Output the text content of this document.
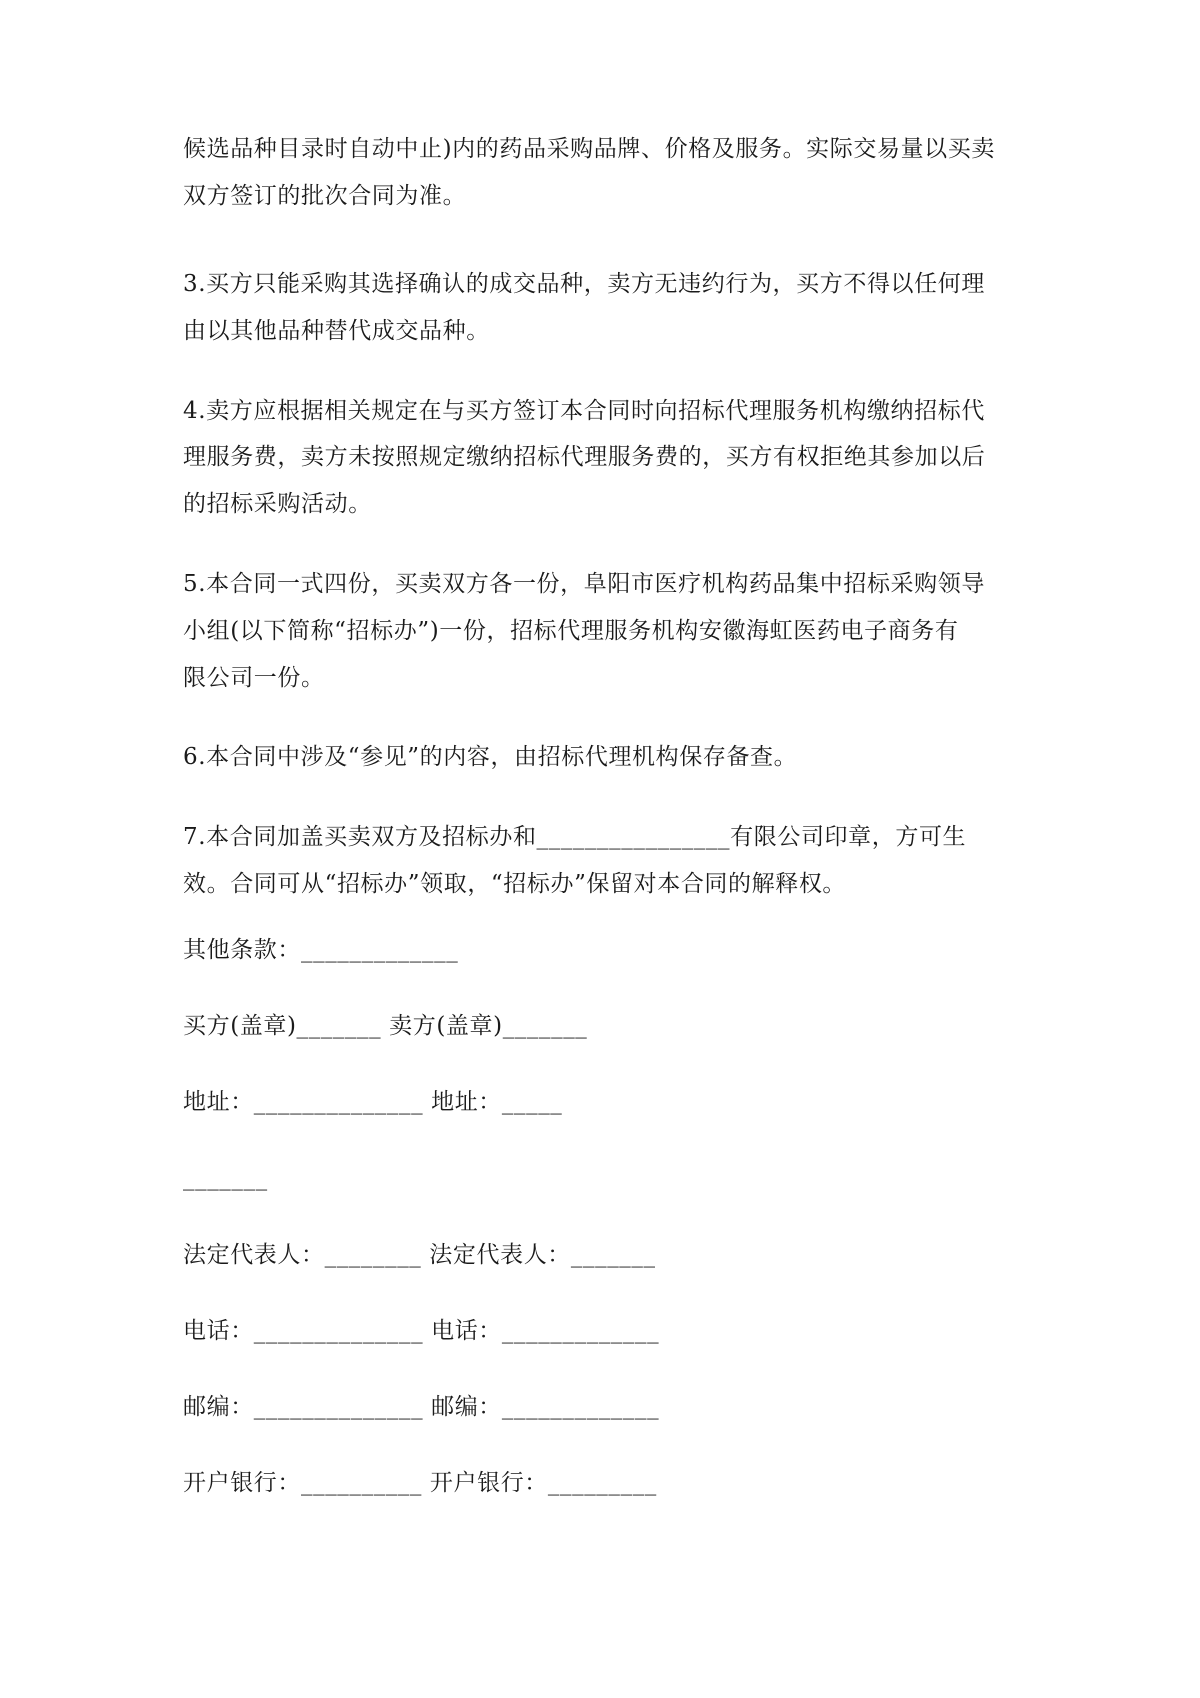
候选品种目录时自动中止)内的药品采购品牌、价格及服务。实际交易量以买卖
双方签订的批次合同为准。
3.买方只能采购其选择确认的成交品种，卖方无违约行为，买方不得以任何理
由以其他品种替代成交品种。
4.卖方应根据相关规定在与买方签订本合同时向招标代理服务机构缴纳招标代
理服务费，卖方未按照规定缴纳招标代理服务费的，买方有权拒绝其参加以后
的招标采购活动。
5.本合同一式四份，买卖双方各一份，阜阳市医疗机构药品集中招标采购领导
小组(以下简称“招标办”)一份，招标代理服务机构安徽海虹医药电子商务有
限公司一份。
6.本合同中涉及“参见”的内容，由招标代理机构保存备查。
7.本合同加盖买卖双方及招标办和________________有限公司印章，方可生
效。合同可从“招标办”领取，“招标办”保留对本合同的解释权。
其他条款：_____________
买方(盖章)_______ 卖方(盖章)_______
地址：______________ 地址：_____
_______
法定代表人：________ 法定代表人：_______
电话：______________ 电话：_____________
邮编：______________ 邮编：_____________
开户银行：__________ 开户银行：_________
